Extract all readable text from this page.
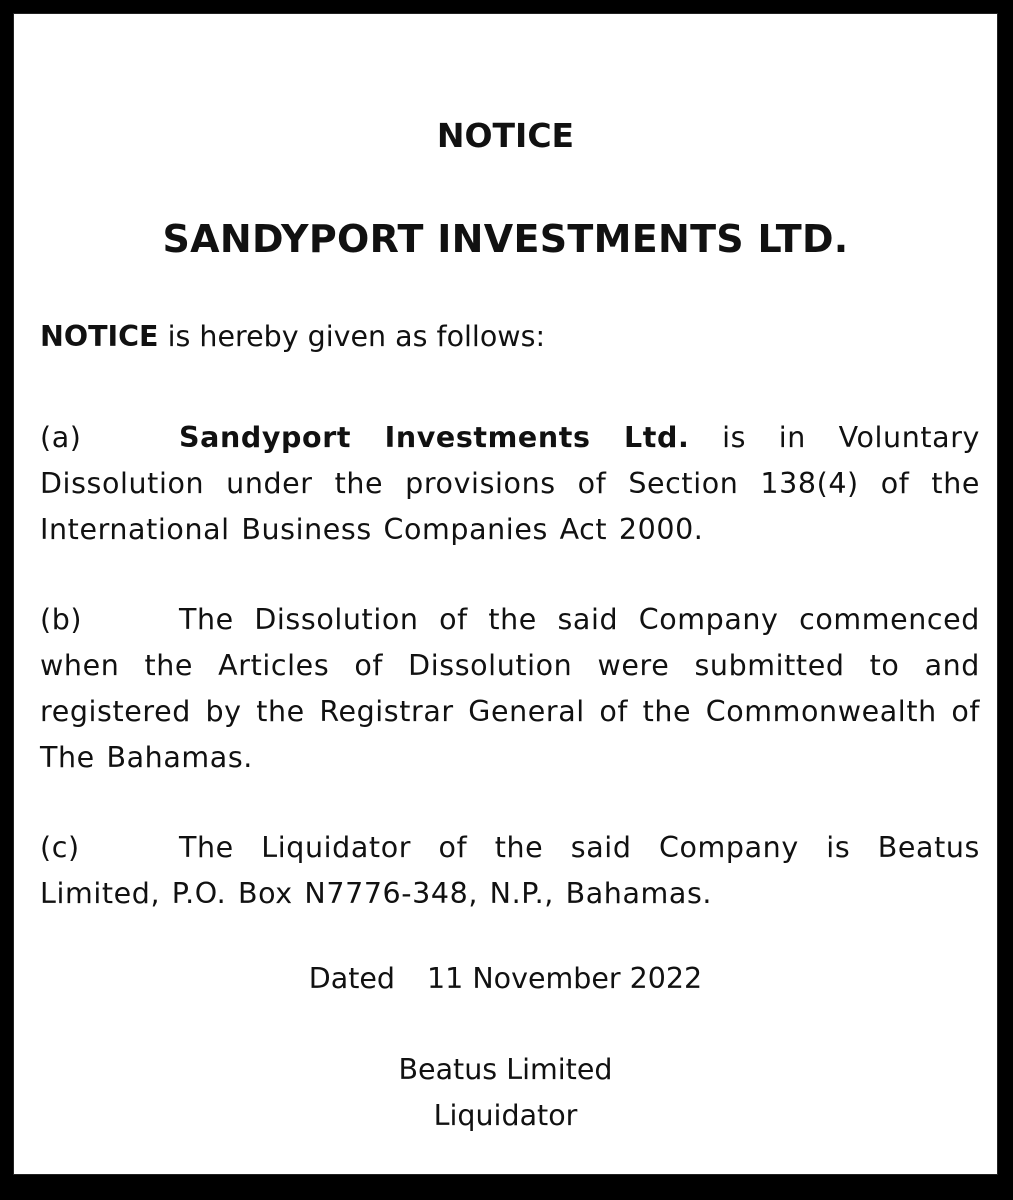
NOTICE
SANDYPORT INVESTMENTS LTD.

NOTICE is hereby given as follows:

(a)	Sandyport Investments Ltd. is in Voluntary Dissolution under the provisions of Section 138(4) of the International Business Companies Act 2000.

(b)	The Dissolution of the said Company commenced when the Articles of Dissolution were submitted to and registered by the Registrar General of the Commonwealth of The Bahamas.

(c)	The Liquidator of the said Company is Beatus Limited, P.O. Box N7776-348, N.P., Bahamas.

Dated 11 November 2022

Beatus Limited

Liquidator
